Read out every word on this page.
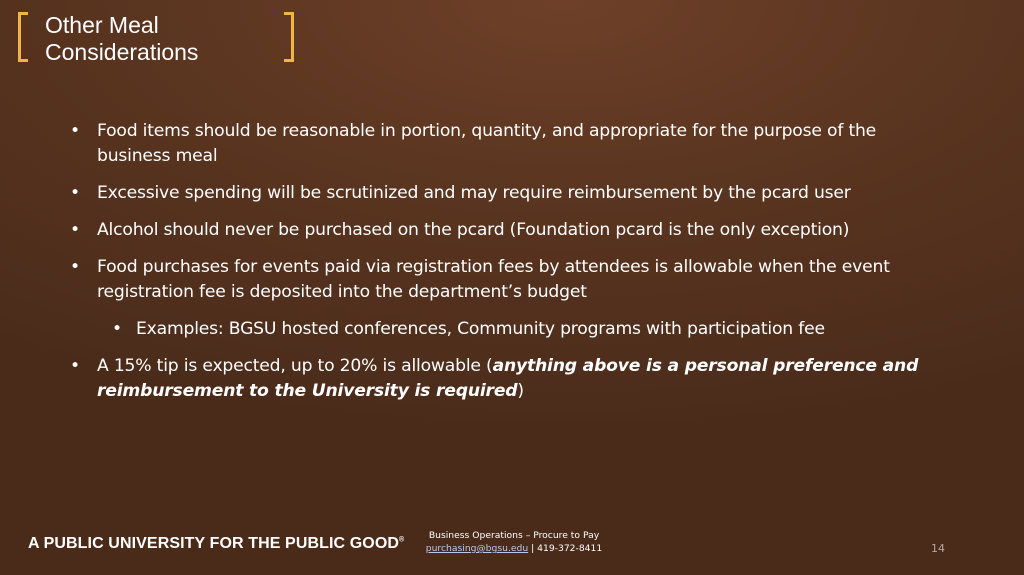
Other Meal
Considerations
• Food items should be reasonable in portion, quantity, and appropriate for the purpose of the business meal
• Excessive spending will be scrutinized and may require reimbursement by the pcard user
• Alcohol should never be purchased on the pcard (Foundation pcard is the only exception)
• Food purchases for events paid via registration fees by attendees is allowable when the event registration fee is deposited into the department’s budget
• Examples: BGSU hosted conferences, Community programs with participation fee
• A 15% tip is expected, up to 20% is allowable (anything above is a personal preference and reimbursement to the University is required)
A PUBLIC UNIVERSITY FOR THE PUBLIC GOOD®	Business Operations – Procure to Pay
purchasing@bgsu.edu | 419-372-8411	14
